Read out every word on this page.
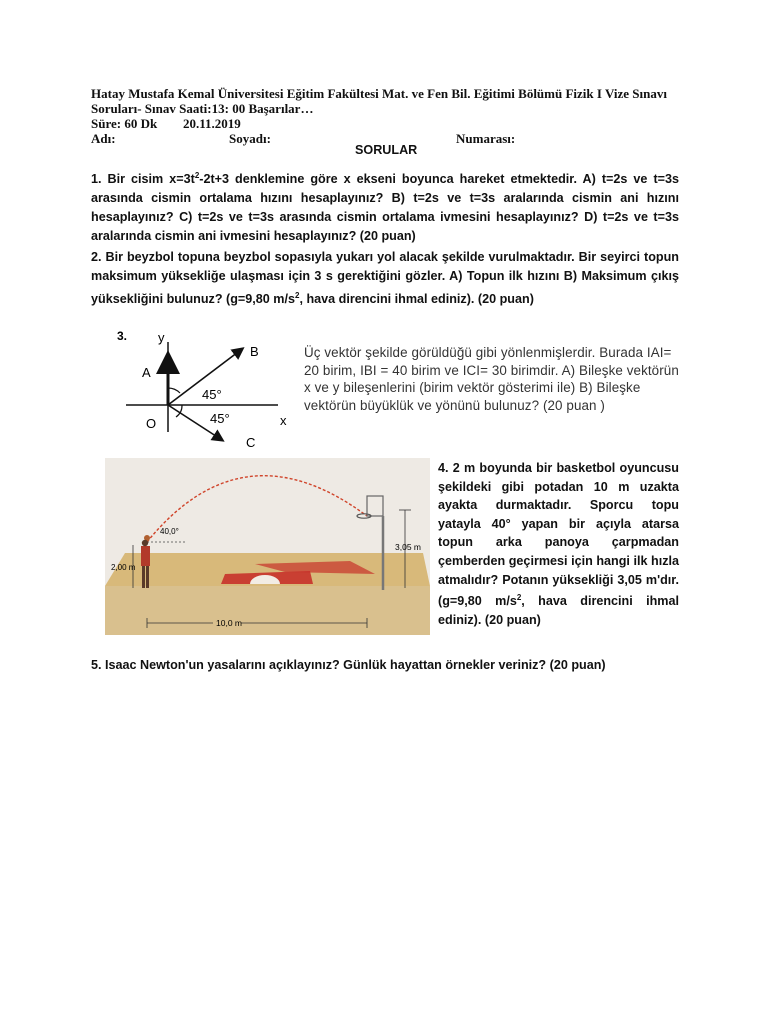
Hatay Mustafa Kemal Üniversitesi Eğitim Fakültesi Mat. ve Fen Bil. Eğitimi Bölümü Fizik I Vize Sınavı
Soruları- Sınav Saati:13: 00 Başarılar…
Süre: 60 Dk 20.11.2019
Adı:	Soyadı:	Numarası:
SORULAR

1. Bir cisim $x=3t^2-2t+3$ denklemine göre x ekseni boyunca hareket etmektedir. A) t=2s ve t=3s arasında cismin ortalama hızını hesaplayınız? B) t=2s ve t=3s aralarında cismin ani hızını hesaplayınız? C) t=2s ve t=3s arasında cismin ortalama ivmesini hesaplayınız? D) t=2s ve t=3s aralarında cismin ani ivmesini hesaplayınız? (20 puan)

2. Bir beyzbol topuna beyzbol sopasıyla yukarı yol alacak şekilde vurulmaktadır. Bir seyirci topun maksimum yüksekliğe ulaşması için 3 s gerektiğini gözler. A) Topun ilk hızını B) Maksimum çıkış yüksekliğini bulunuz? (g=9,80 $m/s^2$, hava direncini ihmal ediniz). (20 puan)

3. y
x
O
A
B
C
45°
45°
Üç vektör şekilde görüldüğü gibi yönlenmişlerdir. Burada IAI= 20 birim, IBI = 40 birim ve ICI= 30 birimdir. A) Bileşke vektörün x ve y bileşenlerini (birim vektör gösterimi ile) B) Bileşke vektörün büyüklük ve yönünü bulunuz? (20 puan )
40,0°
2,00 m
3,05 m
10,0 m
4. 2 m boyunda bir basketbol oyuncusu şekildeki gibi potadan 10 m uzakta ayakta durmaktadır. Sporcu topu yatayla 40° yapan bir açıyla atarsa topun arka panoya çarpmadan çemberden geçirmesi için hangi ilk hızla atmalıdır? Potanın yüksekliği 3,05 m'dır. (g=9,80 $m/s^2$, hava direncini ihmal ediniz). (20 puan)
5. Isaac Newton'un yasalarını açıklayınız? Günlük hayattan örnekler veriniz? (20 puan)
